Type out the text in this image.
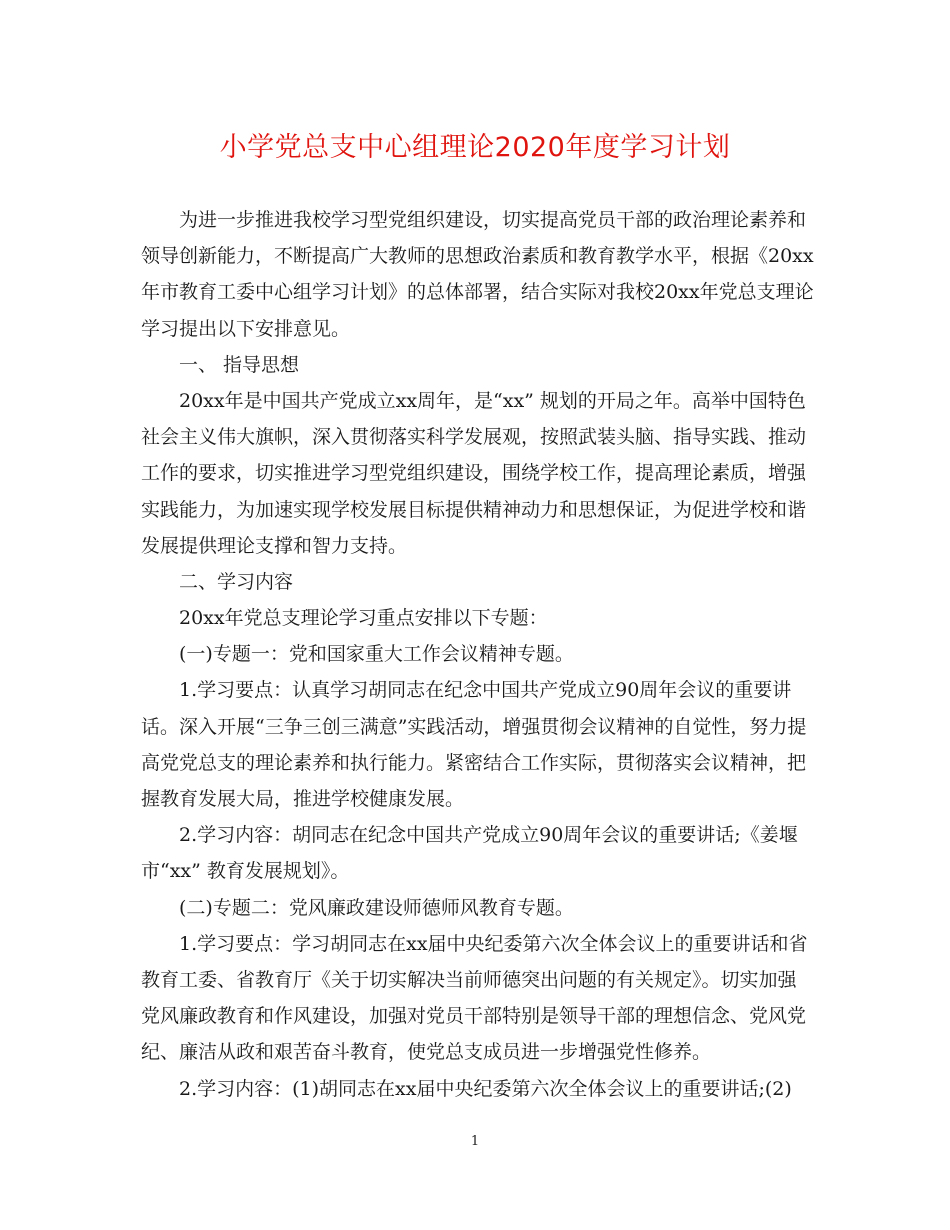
小学党总支中心组理论2020年度学习计划
为进一步推进我校学习型党组织建设，切实提高党员干部的政治理论素养和
领导创新能力，不断提高广大教师的思想政治素质和教育教学水平，根据《20xx
年市教育工委中心组学习计划》的总体部署，结合实际对我校20xx年党总支理论
学习提出以下安排意见。
一、 指导思想
20xx年是中国共产党成立xx周年，是“xx” 规划的开局之年。高举中国特色
社会主义伟大旗帜，深入贯彻落实科学发展观，按照武装头脑、指导实践、推动
工作的要求，切实推进学习型党组织建设，围绕学校工作，提高理论素质，增强
实践能力，为加速实现学校发展目标提供精神动力和思想保证，为促进学校和谐
发展提供理论支撑和智力支持。
二、学习内容
20xx年党总支理论学习重点安排以下专题：
(一)专题一：党和国家重大工作会议精神专题。
1.学习要点：认真学习胡同志在纪念中国共产党成立90周年会议的重要讲
话。深入开展“三争三创三满意”实践活动，增强贯彻会议精神的自觉性，努力提
高党党总支的理论素养和执行能力。紧密结合工作实际，贯彻落实会议精神，把
握教育发展大局，推进学校健康发展。
2.学习内容：胡同志在纪念中国共产党成立90周年会议的重要讲话;《姜堰
市“xx” 教育发展规划》。
(二)专题二：党风廉政建设师德师风教育专题。
1.学习要点：学习胡同志在xx届中央纪委第六次全体会议上的重要讲话和省
教育工委、省教育厅《关于切实解决当前师德突出问题的有关规定》。切实加强
党风廉政教育和作风建设，加强对党员干部特别是领导干部的理想信念、党风党
纪、廉洁从政和艰苦奋斗教育，使党总支成员进一步增强党性修养。
2.学习内容：(1)胡同志在xx届中央纪委第六次全体会议上的重要讲话;(2)
1
